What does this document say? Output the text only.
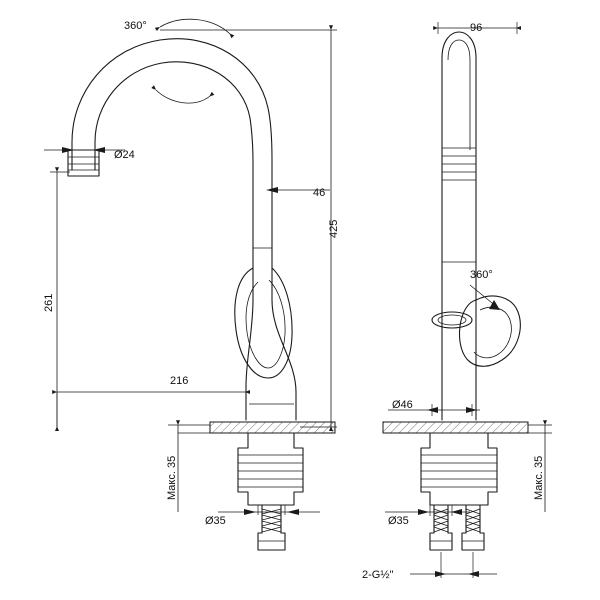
360°
Ø24
46
425
261
216
Макс. 35
Ø35
96
360°
Ø46
Макс. 35
Ø35
2-G½"
